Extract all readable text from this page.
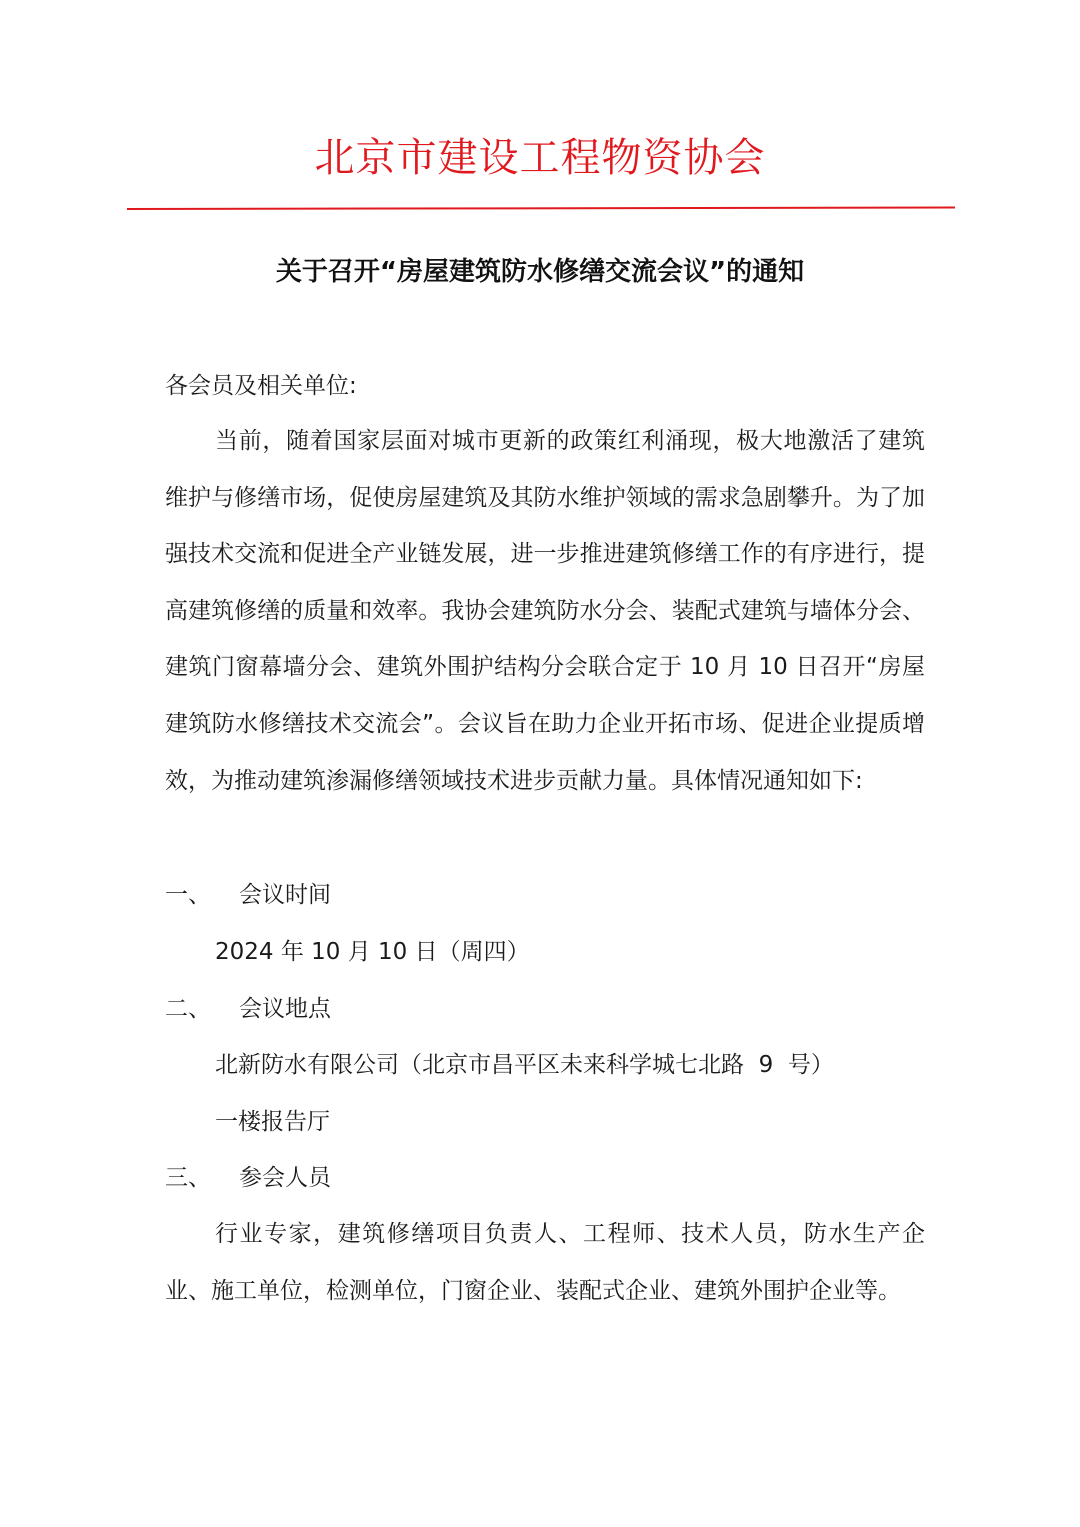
北京市建设工程物资协会
关于召开“房屋建筑防水修缮交流会议”的通知
各会员及相关单位:
当前，随着国家层面对城市更新的政策红利涌现，极大地激活了建筑维护与修缮市场，促使房屋建筑及其防水维护领域的需求急剧攀升。为了加强技术交流和促进全产业链发展，进一步推进建筑修缮工作的有序进行，提高建筑修缮的质量和效率。我协会建筑防水分会、装配式建筑与墙体分会、建筑门窗幕墙分会、建筑外围护结构分会联合定于 10 月 10 日召开“房屋建筑防水修缮技术交流会”。会议旨在助力企业开拓市场、促进企业提质增效，为推动建筑渗漏修缮领域技术进步贡献力量。具体情况通知如下:
一、 会议时间
2024 年 10 月 10 日（周四）
二、 会议地点
北新防水有限公司（北京市昌平区未来科学城七北路  9  号）
一楼报告厅
三、 参会人员
行业专家，建筑修缮项目负责人、工程师、技术人员，防水生产企业、施工单位，检测单位，门窗企业、装配式企业、建筑外围护企业等。
